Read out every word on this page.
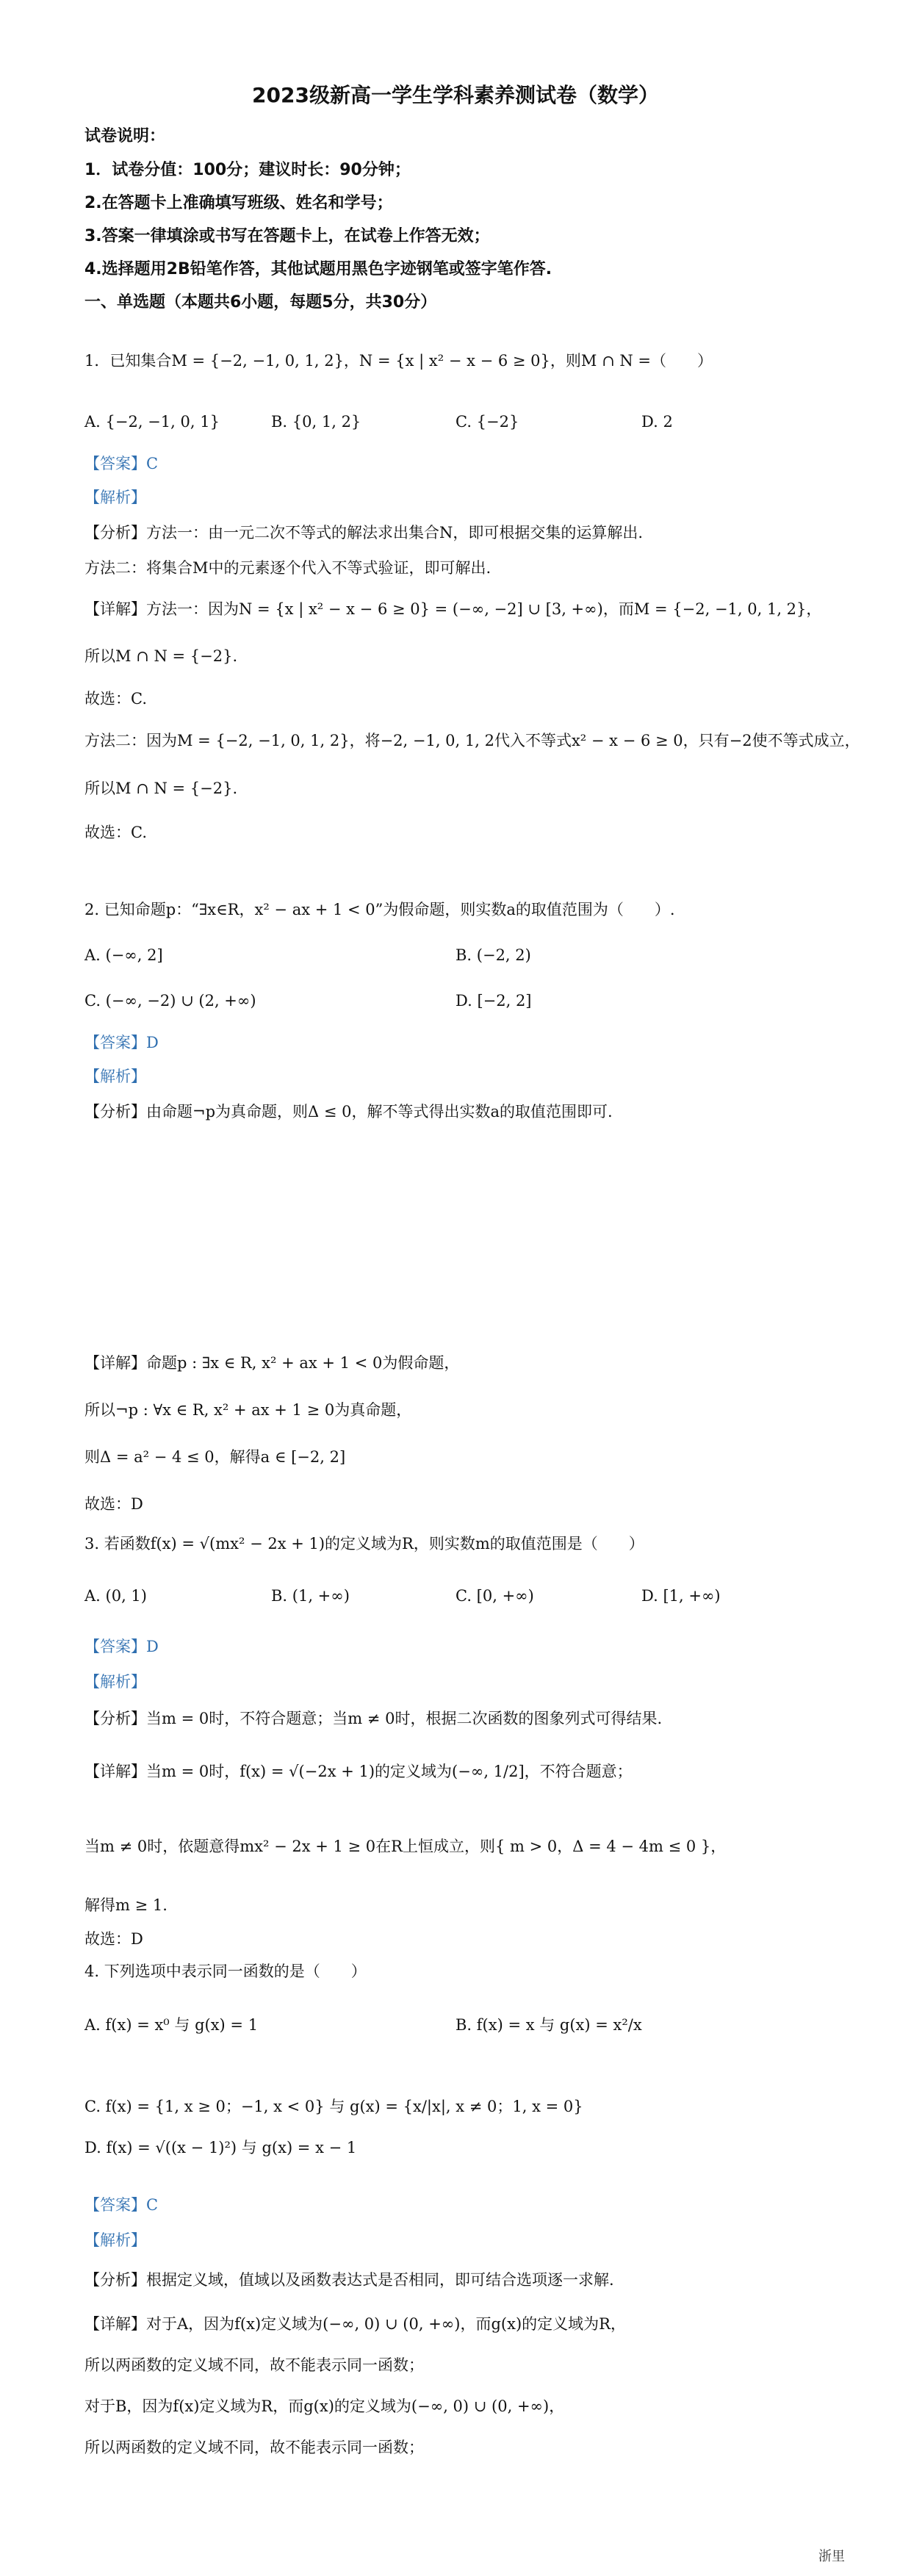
2023级新高一学生学科素养测试卷（数学）
试卷说明：
1．试卷分值：100分；建议时长：90分钟；
2.在答题卡上准确填写班级、姓名和学号；
3.答案一律填涂或书写在答题卡上，在试卷上作答无效；
4.选择题用2B铅笔作答，其他试题用黑色字迹钢笔或签字笔作答.
一、单选题（本题共6小题，每题5分，共30分）
1．已知集合M = {−2, −1, 0, 1, 2}，N = {x | x² − x − 6 ≥ 0}，则M ∩ N =（　　）
A. {−2, −1, 0, 1}	B. {0, 1, 2}	C. {−2}	D. 2
【答案】C
【解析】
【分析】方法一：由一元二次不等式的解法求出集合N，即可根据交集的运算解出.
方法二：将集合M中的元素逐个代入不等式验证，即可解出.
【详解】方法一：因为N = {x | x² − x − 6 ≥ 0} = (−∞, −2] ∪ [3, +∞)，而M = {−2, −1, 0, 1, 2}，
所以M ∩ N = {−2}.
故选：C.
方法二：因为M = {−2, −1, 0, 1, 2}，将−2, −1, 0, 1, 2代入不等式x² − x − 6 ≥ 0，只有−2使不等式成立，
所以M ∩ N = {−2}.
故选：C.
2. 已知命题p：“∃x∈R，x² − ax + 1 < 0”为假命题，则实数a的取值范围为（　　）.
A. (−∞, 2]	B. (−2, 2)
C. (−∞, −2) ∪ (2, +∞)	D. [−2, 2]
【答案】D
【解析】
【分析】由命题¬p为真命题，则Δ ≤ 0，解不等式得出实数a的取值范围即可.
【详解】命题p : ∃x ∈ R, x² + ax + 1 < 0为假命题，
所以¬p : ∀x ∈ R, x² + ax + 1 ≥ 0为真命题，
则Δ = a² − 4 ≤ 0，解得a ∈ [−2, 2]
故选：D
3. 若函数f(x) = √(mx² − 2x + 1)的定义域为R，则实数m的取值范围是（　　）
A. (0, 1)	B. (1, +∞)	C. [0, +∞)	D. [1, +∞)
【答案】D
【解析】
【分析】当m = 0时，不符合题意；当m ≠ 0时，根据二次函数的图象列式可得结果.
【详解】当m = 0时，f(x) = √(−2x + 1)的定义域为(−∞, 1/2]，不符合题意；
当m ≠ 0时，依题意得mx² − 2x + 1 ≥ 0在R上恒成立，则{ m > 0，Δ = 4 − 4m ≤ 0 }，
解得m ≥ 1.
故选：D
4. 下列选项中表示同一函数的是（　　）
A. f(x) = x⁰ 与 g(x) = 1	B. f(x) = x 与 g(x) = x²/x
C. f(x) = {1, x ≥ 0；−1, x < 0} 与 g(x) = {x/|x|, x ≠ 0；1, x = 0}
D. f(x) = √((x − 1)²) 与 g(x) = x − 1
【答案】C
【解析】
【分析】根据定义域，值域以及函数表达式是否相同，即可结合选项逐一求解.
【详解】对于A，因为f(x)定义域为(−∞, 0) ∪ (0, +∞)，而g(x)的定义域为R，
所以两函数的定义域不同，故不能表示同一函数；
对于B，因为f(x)定义域为R，而g(x)的定义域为(−∞, 0) ∪ (0, +∞)，
所以两函数的定义域不同，故不能表示同一函数；
浙里
